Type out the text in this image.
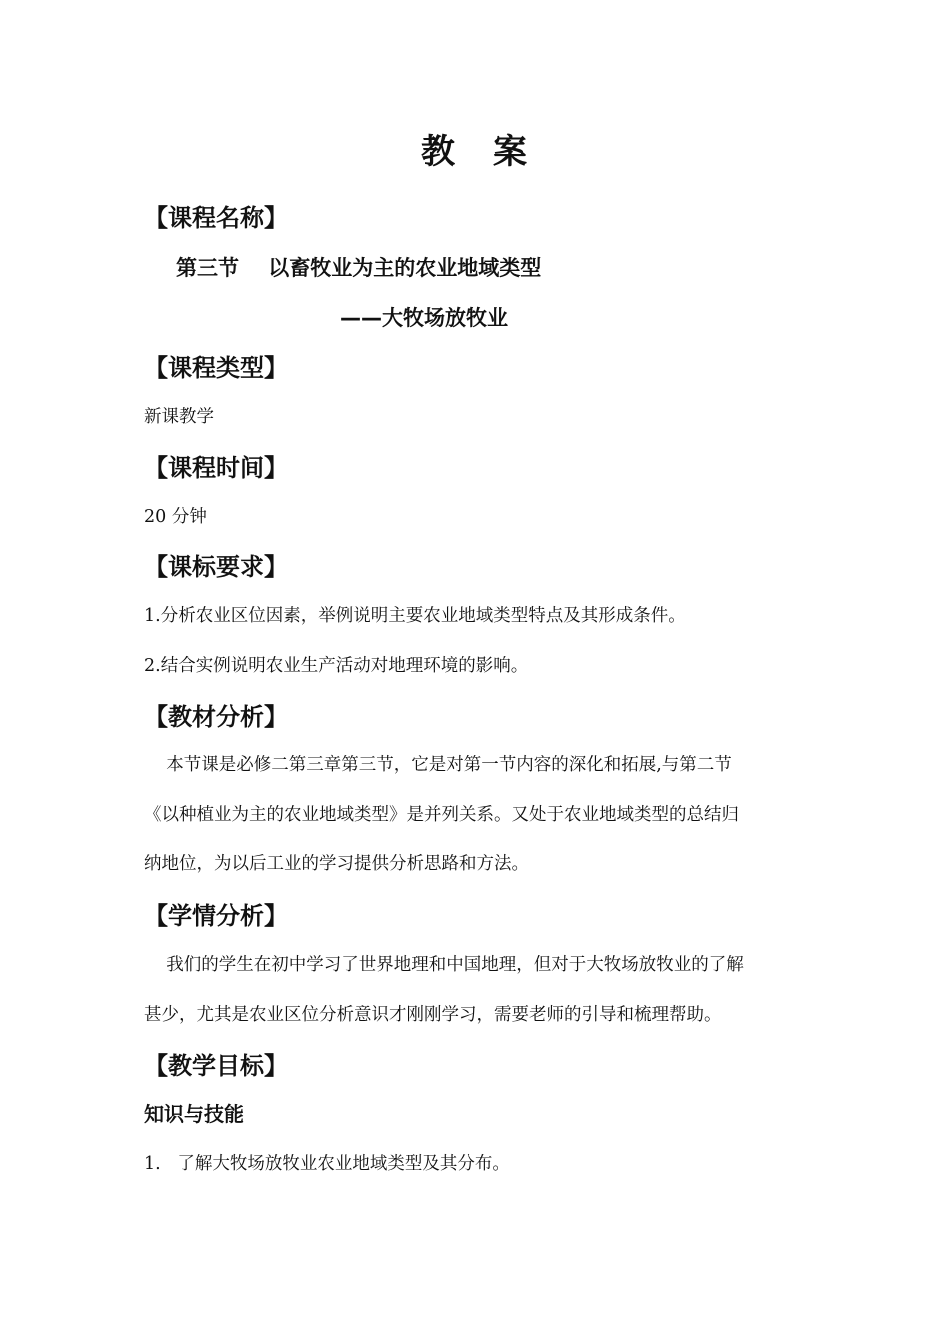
教 案
【课程名称】
第三节    以畜牧业为主的农业地域类型
——大牧场放牧业
【课程类型】
新课教学
【课程时间】
20 分钟
【课标要求】
1.分析农业区位因素，举例说明主要农业地域类型特点及其形成条件。
2.结合实例说明农业生产活动对地理环境的影响。
【教材分析】
本节课是必修二第三章第三节，它是对第一节内容的深化和拓展,与第二节
《以种植业为主的农业地域类型》是并列关系。又处于农业地域类型的总结归
纳地位，为以后工业的学习提供分析思路和方法。
【学情分析】
我们的学生在初中学习了世界地理和中国地理，但对于大牧场放牧业的了解
甚少，尤其是农业区位分析意识才刚刚学习，需要老师的引导和梳理帮助。
【教学目标】
知识与技能
1.   了解大牧场放牧业农业地域类型及其分布。
